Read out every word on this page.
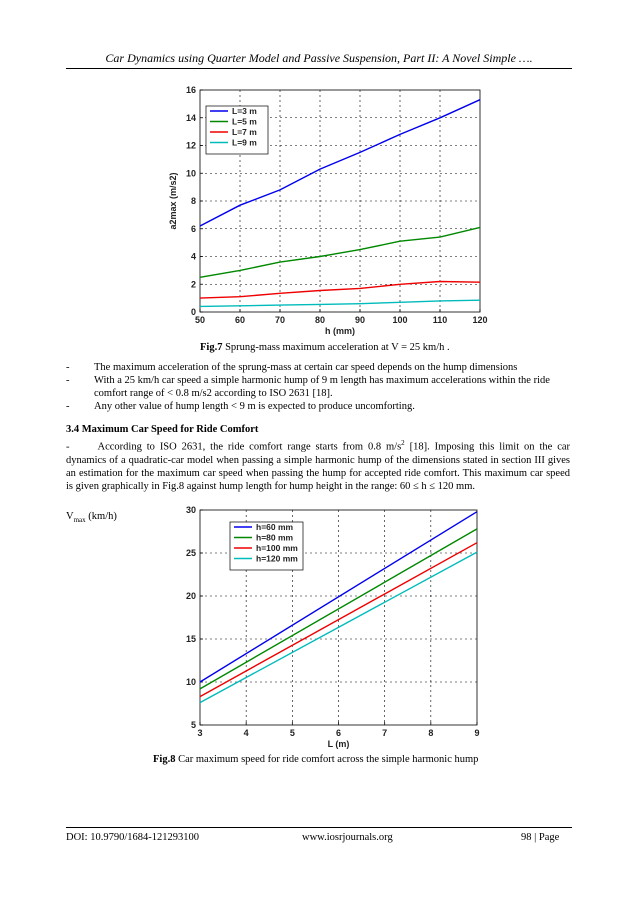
Car Dynamics using Quarter Model and Passive Suspension, Part II: A Novel Simple ….
50	60	70	80	90	100	110	120
0
2
4
6
8
10
12
14
16
h (mm)
a2max (m/s2)
L=3 m
L=5 m
L=7 m
L=9 m
Fig.7 Sprung-mass maximum acceleration at V = 25 km/h .
- The maximum acceleration of the sprung-mass at certain car speed depends on the hump dimensions
- With a 25 km/h car speed a simple harmonic hump of 9 m length has maximum accelerations within the ride comfort range of < 0.8 m/s2 according to ISO 2631 [18].
- Any other value of hump length < 9 m is expected to produce uncomforting.
3.4 Maximum Car Speed for Ride Comfort
-	According to ISO 2631, the ride comfort range starts from 0.8 $m/s^2$ [18]. Imposing this limit on the car dynamics of a quadratic-car model when passing a simple harmonic hump of the dimensions stated in section III gives an estimation for the maximum car speed when passing the hump for accepted ride comfort. This maximum car speed is given graphically in Fig.8 against hump length for hump height in the range: 60 ≤ h ≤ 120 mm.
$V_{max}$ (km/h)
3	4	5	6	7	8	9
5
10
15
20
25
30
L (m)
h=60 mm
h=80 mm
h=100 mm
h=120 mm
Fig.8 Car maximum speed for ride comfort across the simple harmonic hump
DOI: 10.9790/1684-121293100	www.iosrjournals.org	98 | Page
